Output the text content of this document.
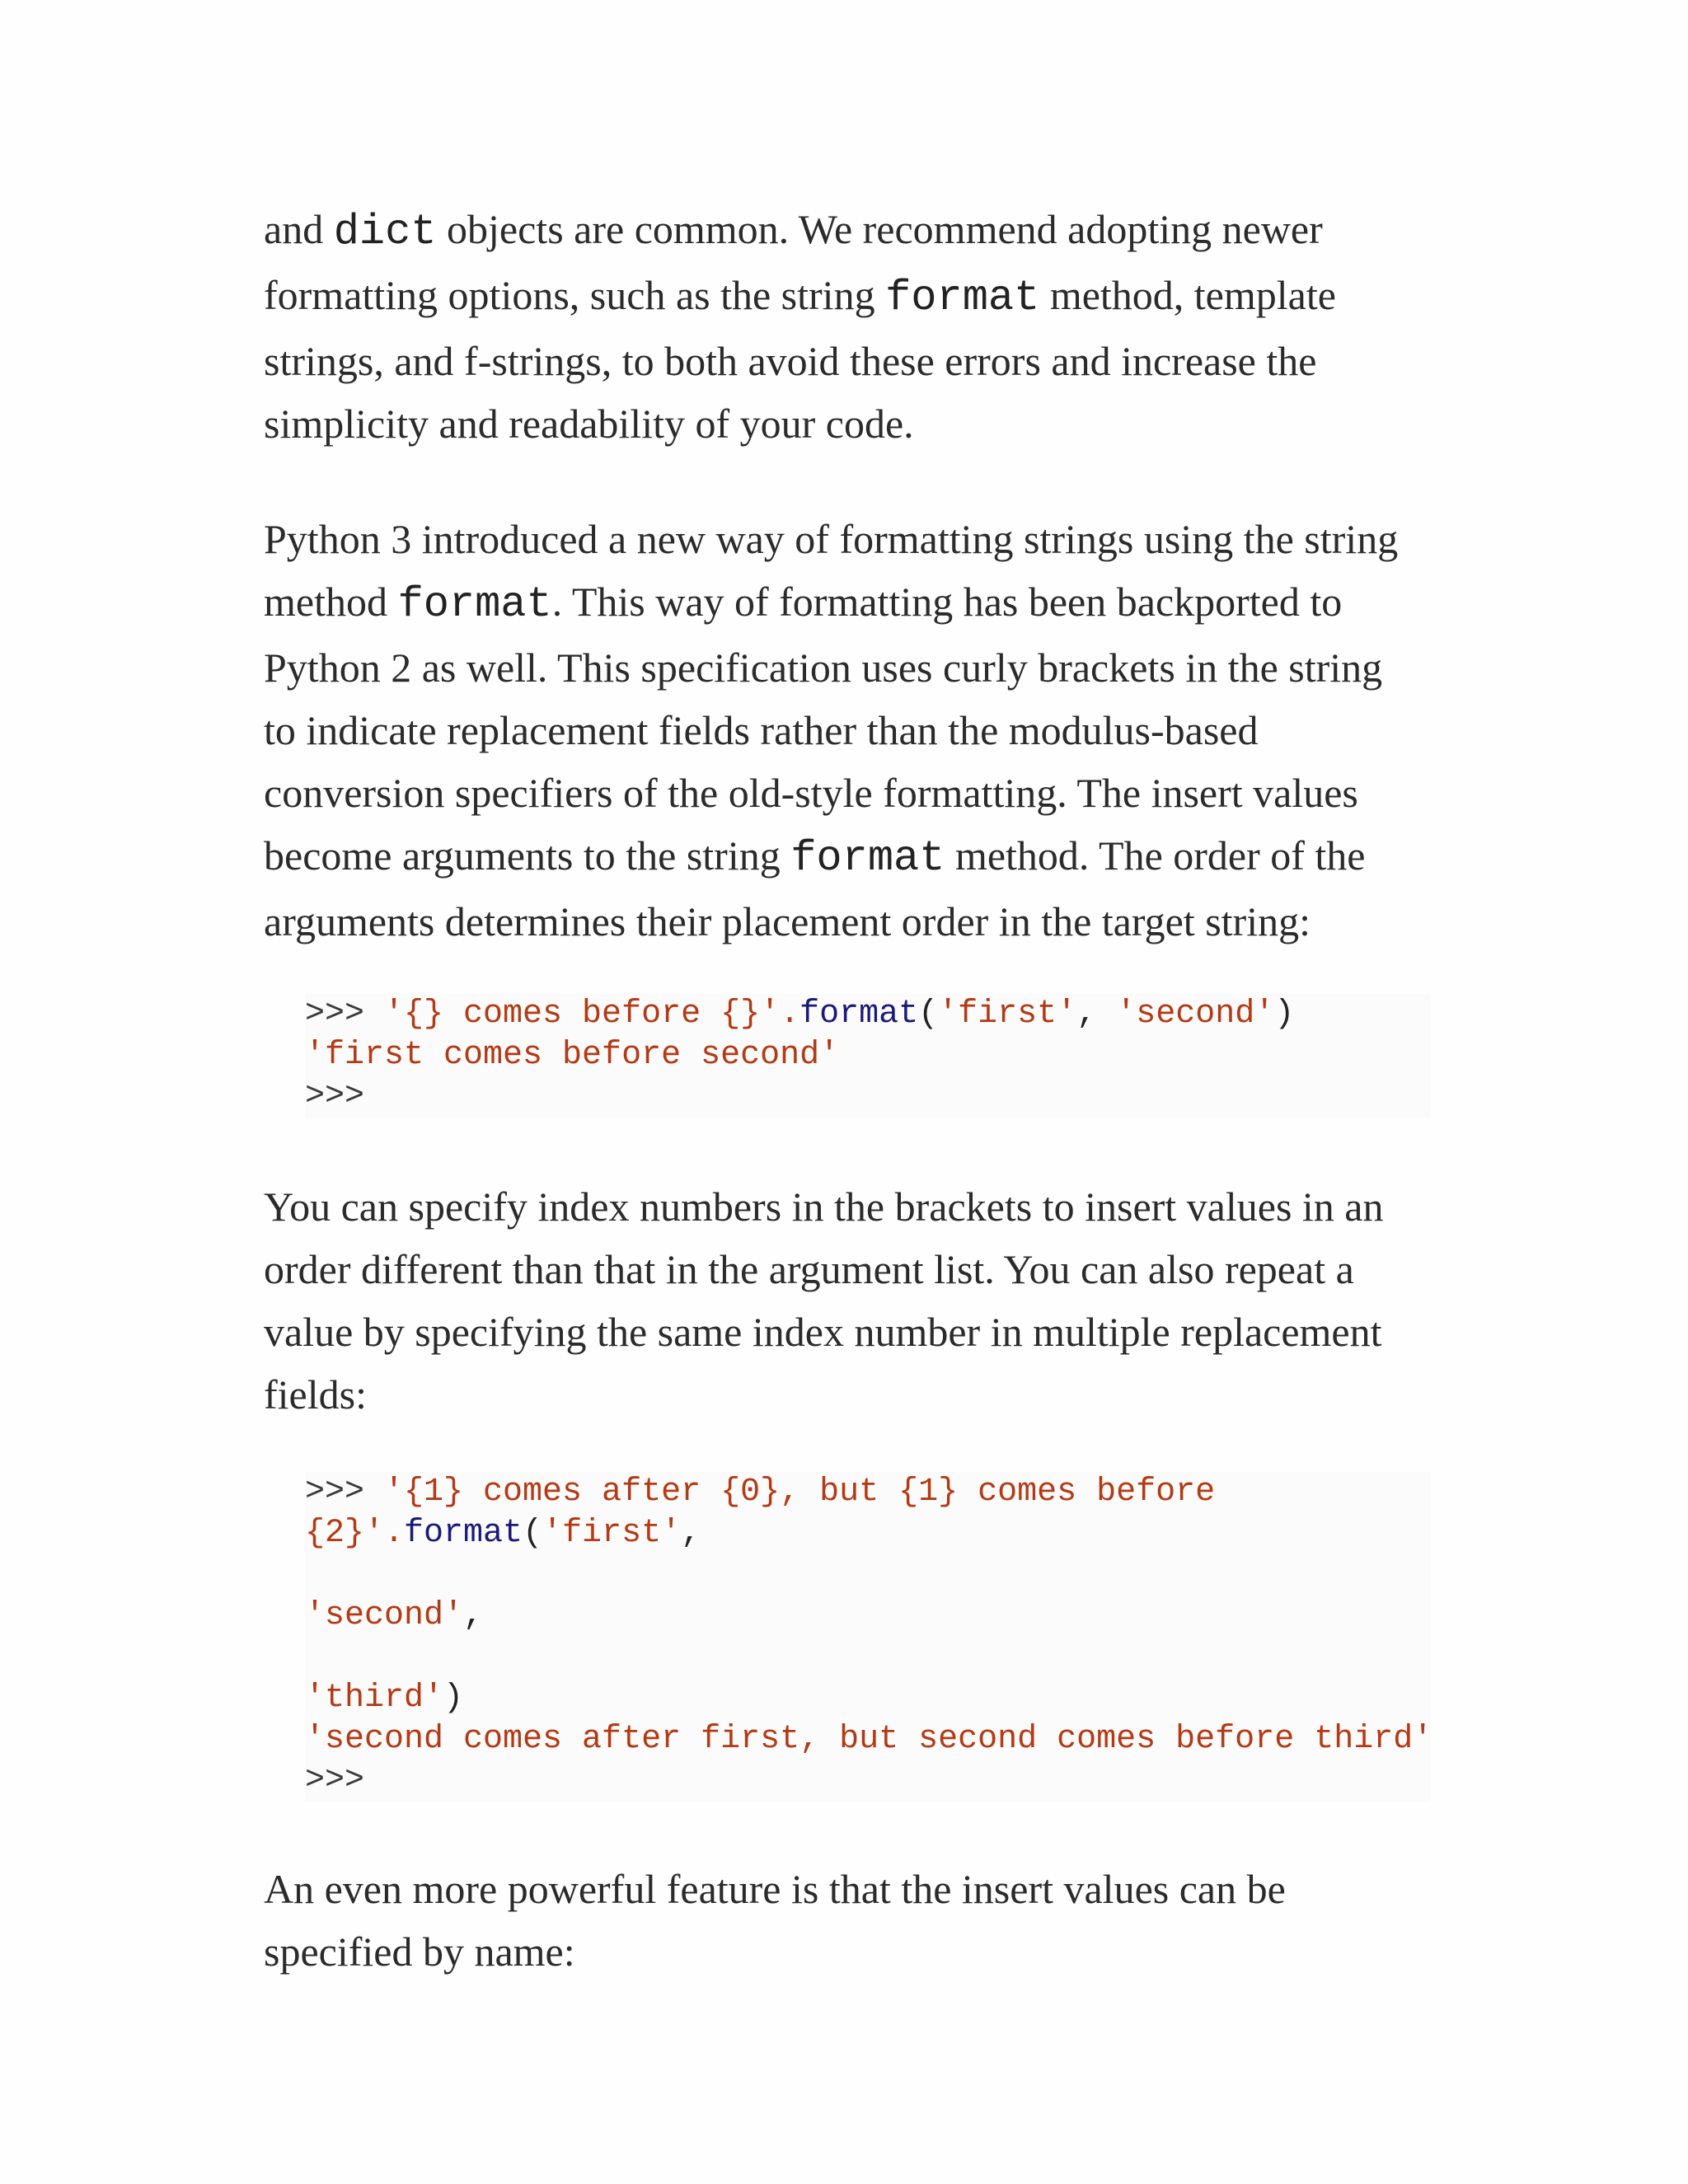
and dict objects are common. We recommend adopting newer
formatting options, such as the string format method, template
strings, and f-strings, to both avoid these errors and increase the
simplicity and readability of your code.

Python 3 introduced a new way of formatting strings using the string
method format. This way of formatting has been backported to
Python 2 as well. This specification uses curly brackets in the string
to indicate replacement fields rather than the modulus-based
conversion specifiers of the old-style formatting. The insert values
become arguments to the string format method. The order of the
arguments determines their placement order in the target string:

>>> '{} comes before {}'.format('first', 'second')
'first comes before second'
>>>

You can specify index numbers in the brackets to insert values in an
order different than that in the argument list. You can also repeat a
value by specifying the same index number in multiple replacement
fields:

>>> '{1} comes after {0}, but {1} comes before
{2}'.format('first',
'second',
'third')
'second comes after first, but second comes before third'
>>>

An even more powerful feature is that the insert values can be
specified by name:
